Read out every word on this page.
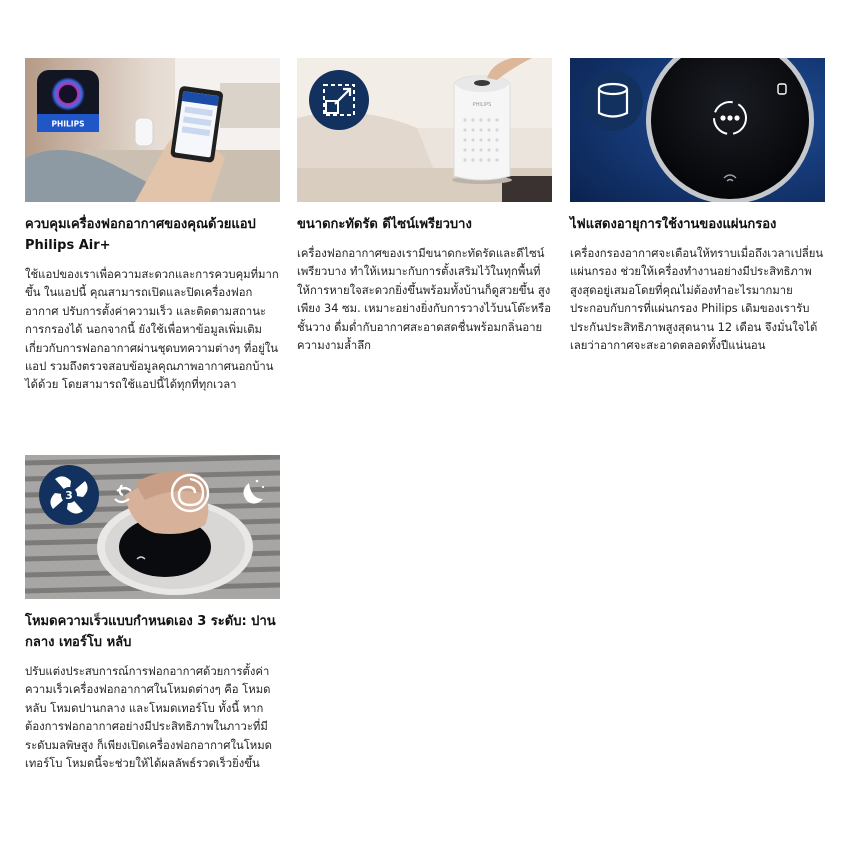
PHILIPS
ควบคุมเครื่องฟอกอากาศของคุณด้วยแอป Philips Air+
ใช้แอปของเราเพื่อความสะดวกและการควบคุมที่มากขึ้น ในแอปนี้ คุณสามารถเปิดและปิดเครื่องฟอกอากาศ ปรับการตั้งค่าความเร็ว และติดตามสถานะการกรองได้ นอกจากนี้ ยังใช้เพื่อหาข้อมูลเพิ่มเติมเกี่ยวกับการฟอกอากาศผ่านชุดบทความต่างๆ ที่อยู่ในแอป รวมถึงตรวจสอบข้อมูลคุณภาพอากาศนอกบ้านได้ด้วย โดยสามารถใช้แอปนี้ได้ทุกที่ทุกเวลา
PHILIPS
ขนาดกะทัดรัด ดีไซน์เพรียวบาง
เครื่องฟอกอากาศของเรามีขนาดกะทัดรัดและดีไซน์เพรียวบาง ทำให้เหมาะกับการตั้งเสริมไว้ในทุกพื้นที่ ให้การหายใจสะดวกยิ่งขึ้นพร้อมทั้งบ้านก็ดูสวยขึ้น สูงเพียง 34 ซม. เหมาะอย่างยิ่งกับการวางไว้บนโต๊ะหรือชั้นวาง ดื่มด่ำกับอากาศสะอาดสดชื่นพร้อมกลิ่นอายความงามล้ำลึก
ไฟแสดงอายุการใช้งานของแผ่นกรอง
เครื่องกรองอากาศจะเตือนให้ทราบเมื่อถึงเวลาเปลี่ยนแผ่นกรอง ช่วยให้เครื่องทำงานอย่างมีประสิทธิภาพสูงสุดอยู่เสมอโดยที่คุณไม่ต้องทำอะไรมากมาย ประกอบกับการที่แผ่นกรอง Philips เดิมของเรารับประกันประสิทธิภาพสูงสุดนาน 12 เดือน จึงมั่นใจได้เลยว่าอากาศจะสะอาดตลอดทั้งปีแน่นอน
3
โหมดความเร็วแบบกำหนดเอง 3 ระดับ: ปานกลาง เทอร์โบ หลับ
ปรับแต่งประสบการณ์การฟอกอากาศด้วยการตั้งค่าความเร็วเครื่องฟอกอากาศในโหมดต่างๆ คือ โหมดหลับ โหมดปานกลาง และโหมดเทอร์โบ ทั้งนี้ หากต้องการฟอกอากาศอย่างมีประสิทธิภาพในภาวะที่มีระดับมลพิษสูง ก็เพียงเปิดเครื่องฟอกอากาศในโหมดเทอร์โบ โหมดนี้จะช่วยให้ได้ผลลัพธ์รวดเร็วยิ่งขึ้น
